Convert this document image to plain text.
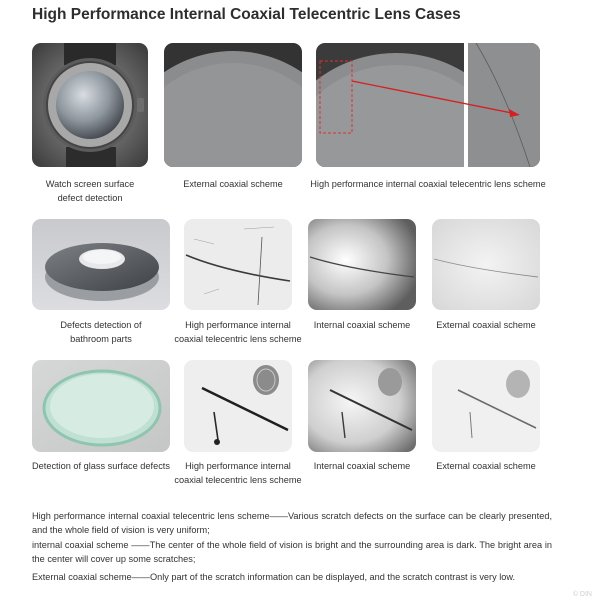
High Performance Internal Coaxial Telecentric Lens Cases
Watch screen surface
defect detection
External coaxial scheme	High performance internal coaxial telecentric lens scheme
Defects detection of
bathroom parts
High performance internal
coaxial telecentric lens scheme
Internal coaxial scheme	External coaxial scheme
Detection of glass surface defects	High performance internal
coaxial telecentric lens scheme
Internal coaxial scheme	External coaxial scheme
High performance internal coaxial telecentric lens scheme——Various scratch defects on the surface can be clearly presented, and the whole field of vision is very uniform;
internal coaxial scheme ——The center of the whole field of vision is bright and the surrounding area is dark. The bright area in the center will cover up some scratches;
External coaxial scheme——Only part of the scratch information can be displayed, and the scratch contrast is very low.
© DIN
